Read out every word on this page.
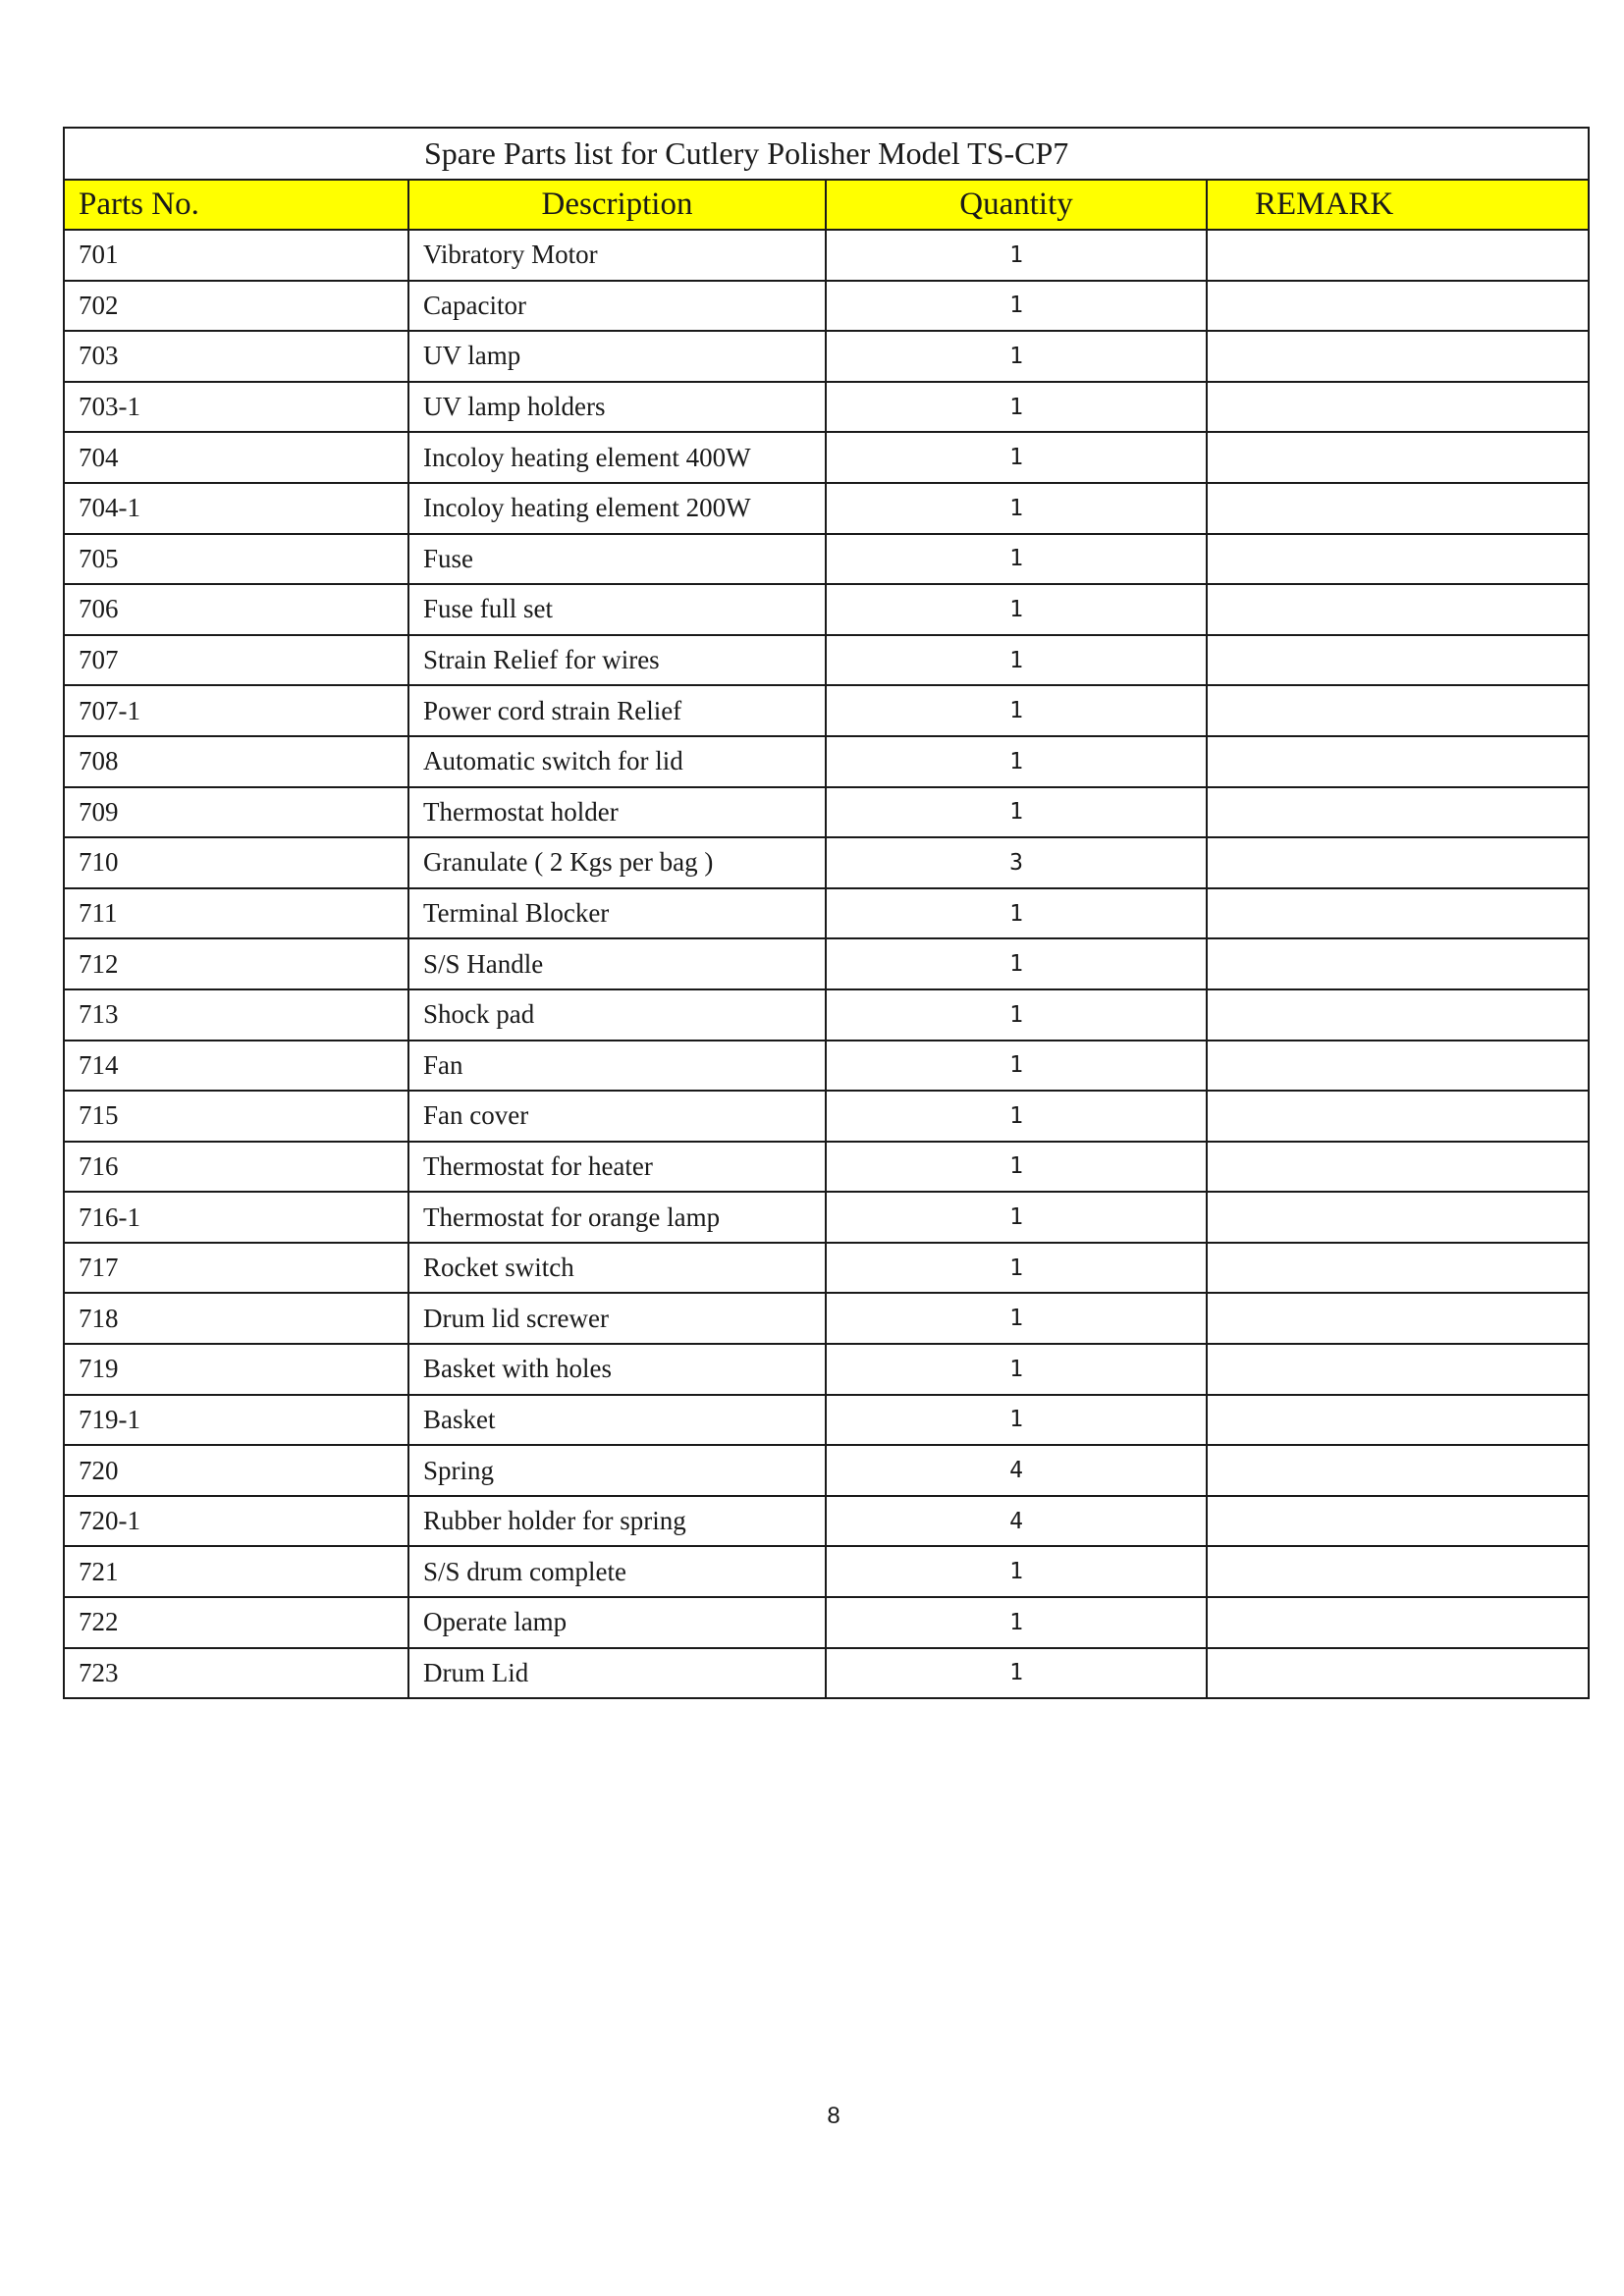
Spare Parts list for Cutlery Polisher Model TS-CP7			
Parts No.	Description	Quantity	REMARK
701	Vibratory Motor	1	
702	Capacitor	1	
703	UV lamp	1	
703-1	UV lamp holders	1	
704	Incoloy heating element 400W	1	
704-1	Incoloy heating element 200W	1	
705	Fuse	1	
706	Fuse full set	1	
707	Strain Relief for wires	1	
707-1	Power cord strain Relief	1	
708	Automatic switch for lid	1	
709	Thermostat holder	1	
710	Granulate ( 2 Kgs per bag )	3	
711	Terminal Blocker	1	
712	S/S Handle	1	
713	Shock pad	1	
714	Fan	1	
715	Fan cover	1	
716	Thermostat for heater	1	
716-1	Thermostat for orange lamp	1	
717	Rocket switch	1	
718	Drum lid screwer	1	
719	Basket with holes	1	
719-1	Basket	1	
720	Spring	4	
720-1	Rubber holder for spring	4	
721	S/S drum complete	1	
722	Operate lamp	1	
723	Drum Lid	1	
8
